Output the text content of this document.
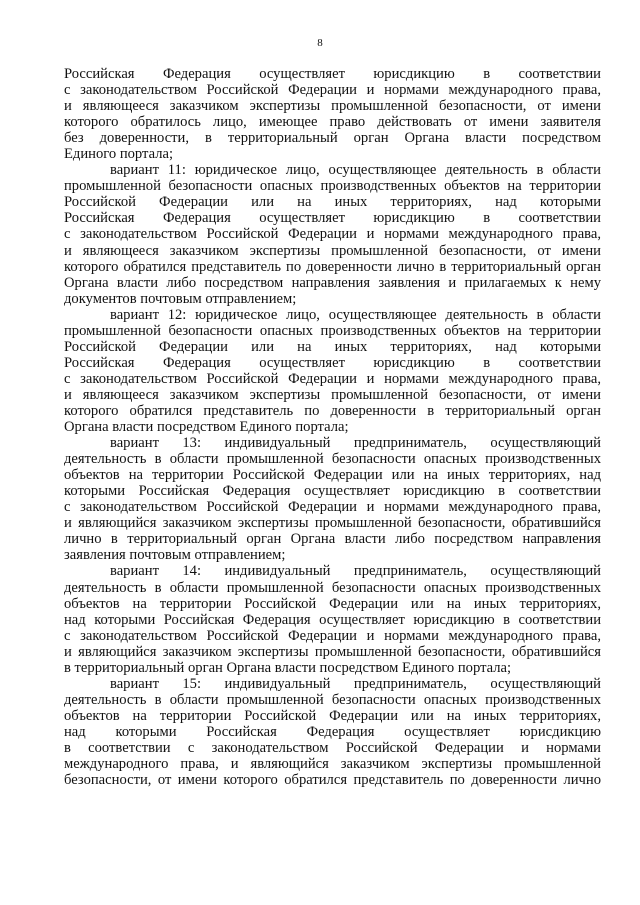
8
Российская Федерация осуществляет юрисдикцию в соответствии
с законодательством Российской Федерации и нормами международного права,
и являющееся заказчиком экспертизы промышленной безопасности, от имени
которого обратилось лицо, имеющее право действовать от имени заявителя
без доверенности, в территориальный орган Органа власти посредством
Единого портала;
вариант 11: юридическое лицо, осуществляющее деятельность в области
промышленной безопасности опасных производственных объектов на территории
Российской Федерации или на иных территориях, над которыми
Российская Федерация осуществляет юрисдикцию в соответствии
с законодательством Российской Федерации и нормами международного права,
и являющееся заказчиком экспертизы промышленной безопасности, от имени
которого обратился представитель по доверенности лично в территориальный орган
Органа власти либо посредством направления заявления и прилагаемых к нему
документов почтовым отправлением;
вариант 12: юридическое лицо, осуществляющее деятельность в области
промышленной безопасности опасных производственных объектов на территории
Российской Федерации или на иных территориях, над которыми
Российская Федерация осуществляет юрисдикцию в соответствии
с законодательством Российской Федерации и нормами международного права,
и являющееся заказчиком экспертизы промышленной безопасности, от имени
которого обратился представитель по доверенности в территориальный орган
Органа власти посредством Единого портала;
вариант 13: индивидуальный предприниматель, осуществляющий
деятельность в области промышленной безопасности опасных производственных
объектов на территории Российской Федерации или на иных территориях, над
которыми Российская Федерация осуществляет юрисдикцию в соответствии
с законодательством Российской Федерации и нормами международного права,
и являющийся заказчиком экспертизы промышленной безопасности, обратившийся
лично в территориальный орган Органа власти либо посредством направления
заявления почтовым отправлением;
вариант 14: индивидуальный предприниматель, осуществляющий
деятельность в области промышленной безопасности опасных производственных
объектов на территории Российской Федерации или на иных территориях,
над которыми Российская Федерация осуществляет юрисдикцию в соответствии
с законодательством Российской Федерации и нормами международного права,
и являющийся заказчиком экспертизы промышленной безопасности, обратившийся
в территориальный орган Органа власти посредством Единого портала;
вариант 15: индивидуальный предприниматель, осуществляющий
деятельность в области промышленной безопасности опасных производственных
объектов на территории Российской Федерации или на иных территориях,
над которыми Российская Федерация осуществляет юрисдикцию
в соответствии с законодательством Российской Федерации и нормами
международного права, и являющийся заказчиком экспертизы промышленной
безопасности, от имени которого обратился представитель по доверенности лично
